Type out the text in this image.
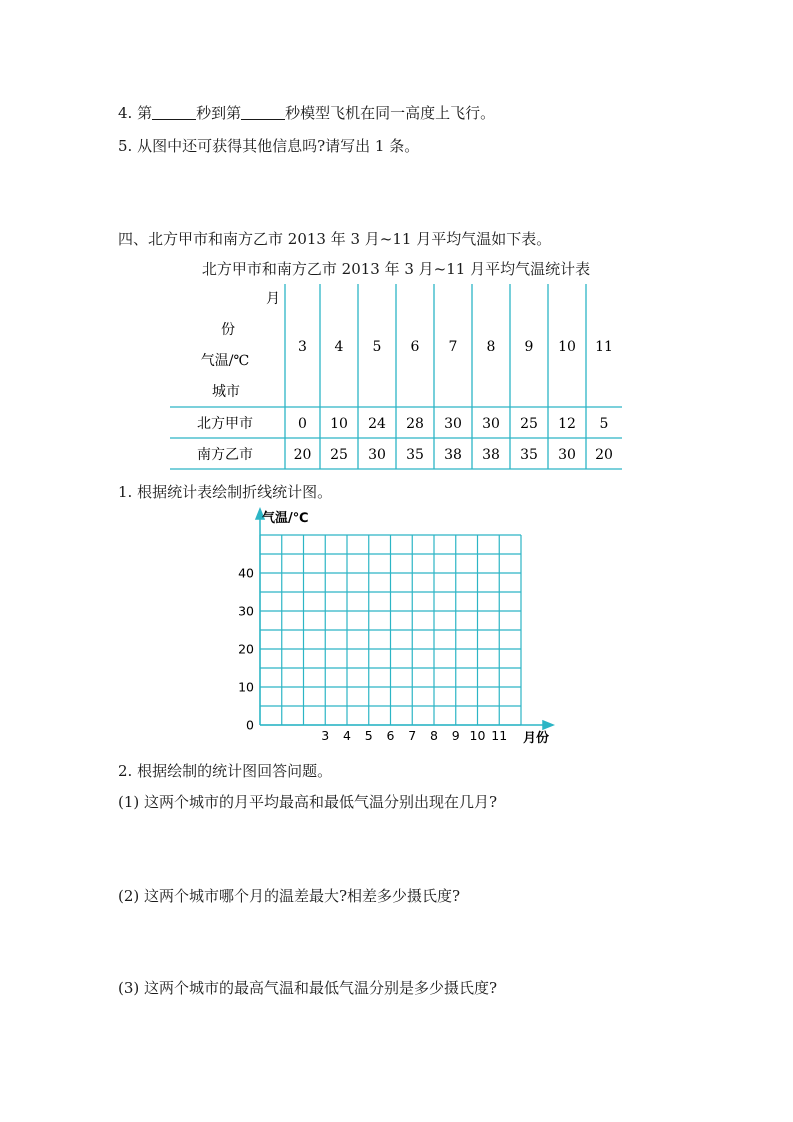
4. 第	秒到第	秒模型飞机在同一高度上飞行。
5. 从图中还可获得其他信息吗?请写出 1 条。
四、北方甲市和南方乙市 2013 年 3 月~11 月平均气温如下表。
北方甲市和南方乙市 2013 年 3 月~11 月平均气温统计表
月
份
气温/℃
城市
3 4 5 6 7 8 9 10 11
北方甲市
南方乙市
0 10 24 28 30 30 25 12 5
20 25 30 35 38 38 35 30 20
1. 根据统计表绘制折线统计图。
气温/℃
月份
0
10
20
30
40
3 4 5 6 7 8 9 10 11
2. 根据绘制的统计图回答问题。
(1) 这两个城市的月平均最高和最低气温分别出现在几月?
(2) 这两个城市哪个月的温差最大?相差多少摄氏度?
(3) 这两个城市的最高气温和最低气温分别是多少摄氏度?
